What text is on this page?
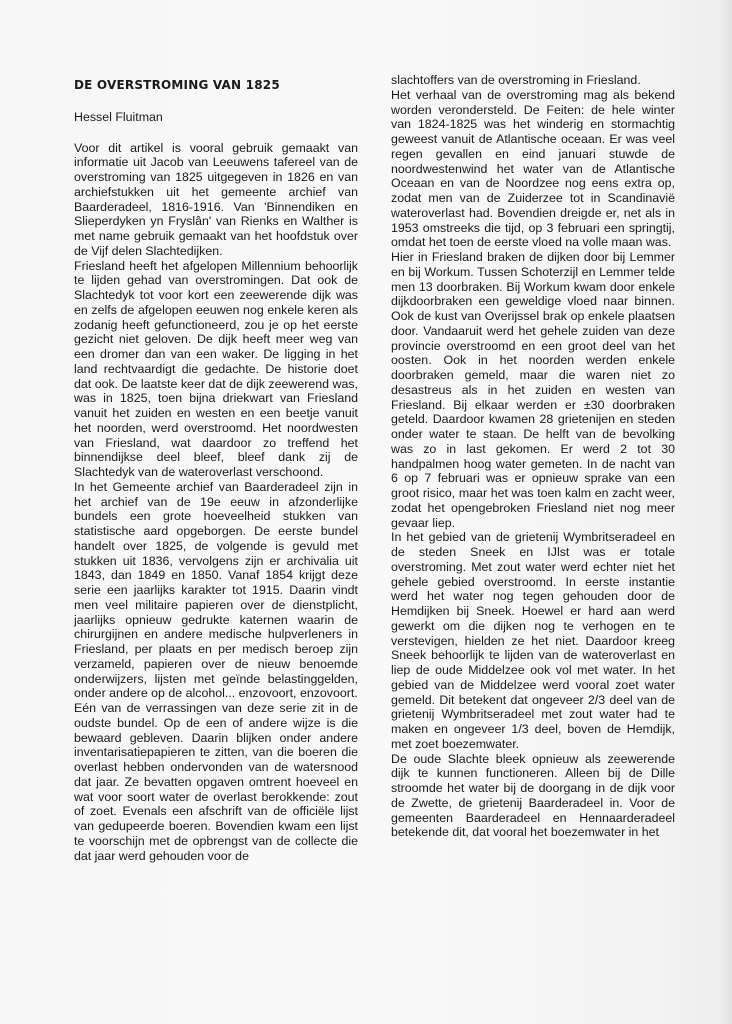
DE OVERSTROMING VAN 1825

Hessel Fluitman

Voor dit artikel is vooral gebruik gemaakt van informatie uit Jacob van Leeuwens tafereel van de overstroming van 1825 uitgegeven in 1826 en van archiefstukken uit het gemeente archief van Baarderadeel, 1816-1916. Van 'Binnendiken en Slieperdyken yn Fryslân' van Rienks en Walther is met name gebruik gemaakt van het hoofdstuk over de Vijf delen Slachtedijken.

Friesland heeft het afgelopen Millennium behoorlijk te lijden gehad van overstromingen. Dat ook de Slachtedyk tot voor kort een zeewerende dijk was en zelfs de afgelopen eeuwen nog enkele keren als zodanig heeft gefunctioneerd, zou je op het eerste gezicht niet geloven. De dijk heeft meer weg van een dromer dan van een waker. De ligging in het land rechtvaardigt die gedachte. De historie doet dat ook. De laatste keer dat de dijk zeewerend was, was in 1825, toen bijna driekwart van Friesland vanuit het zuiden en westen en een beetje vanuit het noorden, werd overstroomd. Het noordwesten van Friesland, wat daardoor zo treffend het binnendijkse deel bleef, bleef dank zij de Slachtedyk van de wateroverlast verschoond.

In het Gemeente archief van Baarderadeel zijn in het archief van de 19e eeuw in afzonderlijke bundels een grote hoeveelheid stukken van statistische aard opgeborgen. De eerste bundel handelt over 1825, de volgende is gevuld met stukken uit 1836, vervolgens zijn er archivalia uit 1843, dan 1849 en 1850. Vanaf 1854 krijgt deze serie een jaarlijks karakter tot 1915. Daarin vindt men veel militaire papieren over de dienstplicht, jaarlijks opnieuw gedrukte katernen waarin de chirurgijnen en andere medische hulpverleners in Friesland, per plaats en per medisch beroep zijn verzameld, papieren over de nieuw benoemde onderwijzers, lijsten met geïnde belastinggelden, onder andere op de alcohol... enzovoort, enzovoort.

Eén van de verrassingen van deze serie zit in de oudste bundel. Op de een of andere wijze is die bewaard gebleven. Daarin blijken onder andere inventarisatiepapieren te zitten, van die boeren die overlast hebben ondervonden van de watersnood dat jaar. Ze bevatten opgaven omtrent hoeveel en wat voor soort water de overlast berokkende: zout of zoet. Evenals een afschrift van de officiële lijst van gedupeerde boeren. Bovendien kwam een lijst te voorschijn met de opbrengst van de collecte die dat jaar werd gehouden voor de

slachtoffers van de overstroming in Friesland.

Het verhaal van de overstroming mag als bekend worden verondersteld. De Feiten: de hele winter van 1824-1825 was het winderig en stormachtig geweest vanuit de Atlantische oceaan. Er was veel regen gevallen en eind januari stuwde de noordwestenwind het water van de Atlantische Oceaan en van de Noordzee nog eens extra op, zodat men van de Zuiderzee tot in Scandinavië wateroverlast had. Bovendien dreigde er, net als in 1953 omstreeks die tijd, op 3 februari een springtij, omdat het toen de eerste vloed na volle maan was.

Hier in Friesland braken de dijken door bij Lemmer en bij Workum. Tussen Schoterzijl en Lemmer telde men 13 doorbraken. Bij Workum kwam door enkele dijkdoorbraken een geweldige vloed naar binnen. Ook de kust van Overijssel brak op enkele plaatsen door. Vandaaruit werd het gehele zuiden van deze provincie overstroomd en een groot deel van het oosten. Ook in het noorden werden enkele doorbraken gemeld, maar die waren niet zo desastreus als in het zuiden en westen van Friesland. Bij elkaar werden er ±30 doorbraken geteld. Daardoor kwamen 28 grietenijen en steden onder water te staan. De helft van de bevolking was zo in last gekomen. Er werd 2 tot 30 handpalmen hoog water gemeten. In de nacht van 6 op 7 februari was er opnieuw sprake van een groot risico, maar het was toen kalm en zacht weer, zodat het opengebroken Friesland niet nog meer gevaar liep.

In het gebied van de grietenij Wymbritseradeel en de steden Sneek en IJlst was er totale overstroming. Met zout water werd echter niet het gehele gebied overstroomd. In eerste instantie werd het water nog tegen gehouden door de Hemdijken bij Sneek. Hoewel er hard aan werd gewerkt om die dijken nog te verhogen en te verstevigen, hielden ze het niet. Daardoor kreeg Sneek behoorlijk te lijden van de wateroverlast en liep de oude Middelzee ook vol met water. In het gebied van de Middelzee werd vooral zoet water gemeld. Dit betekent dat ongeveer 2/3 deel van de grietenij Wymbritseradeel met zout water had te maken en ongeveer 1/3 deel, boven de Hemdijk, met zoet boezemwater.

De oude Slachte bleek opnieuw als zeewerende dijk te kunnen functioneren. Alleen bij de Dille stroomde het water bij de doorgang in de dijk voor de Zwette, de grietenij Baarderadeel in. Voor de gemeenten Baarderadeel en Hennaarderadeel betekende dit, dat vooral het boezemwater in het
